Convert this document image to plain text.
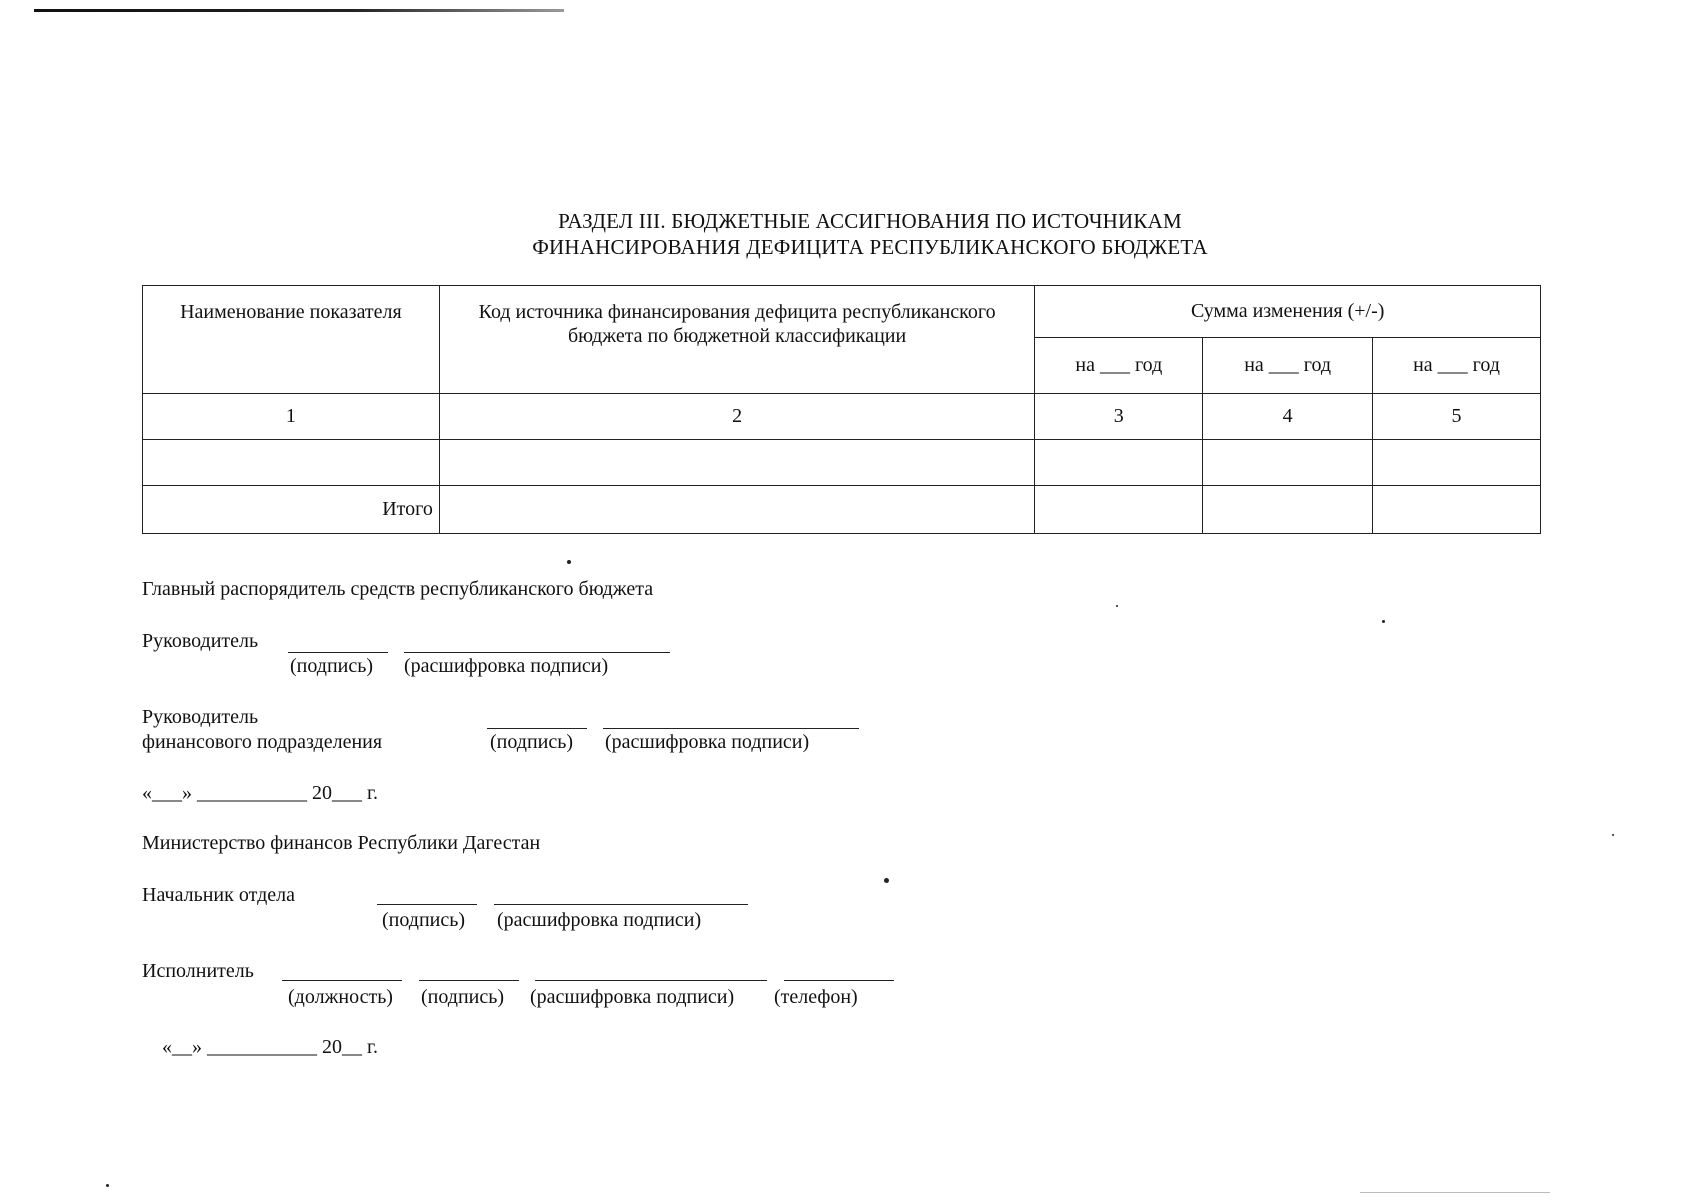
РАЗДЕЛ III. БЮДЖЕТНЫЕ АССИГНОВАНИЯ ПО ИСТОЧНИКАМ
ФИНАНСИРОВАНИЯ ДЕФИЦИТА РЕСПУБЛИКАНСКОГО БЮДЖЕТА
Наименование показателя	Код источника финансирования дефицита республиканского бюджета по бюджетной классификации	Сумма изменения (+/-)		
		на ___ год	на ___ год	на ___ год
1	2	3	4	5

Итого				
Главный распорядитель средств республиканского бюджета
Руководитель
(подпись) (расшифровка подписи)
Руководитель
финансового подразделения	(подпись) (расшифровка подписи)
«___» ___________ 20___ г.
Министерство финансов Республики Дагестан
Начальник отдела
(подпись) (расшифровка подписи)
Исполнитель
(должность) (подпись) (расшифровка подписи) (телефон)
«__» ___________ 20__ г.
